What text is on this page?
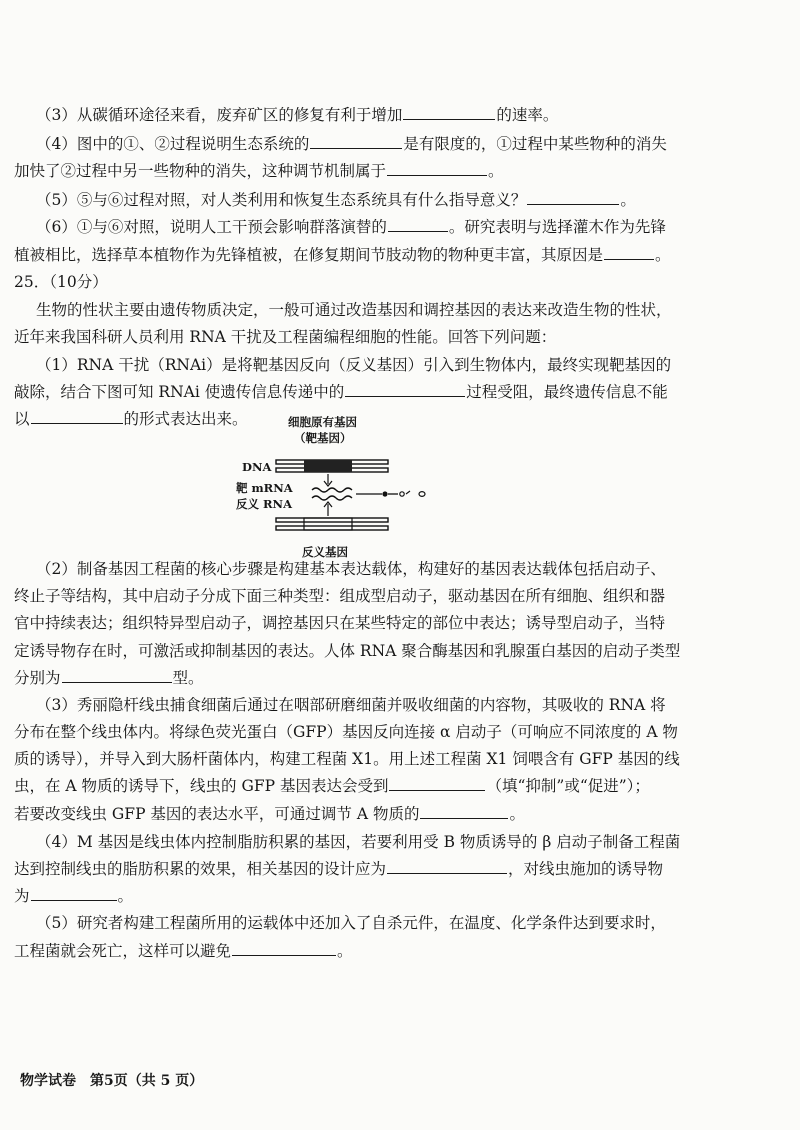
（3）从碳循环途径来看，废弃矿区的修复有利于增加	的速率。
（4）图中的①、②过程说明生态系统的	是有限度的，①过程中某些物种的消失
加快了②过程中另一些物种的消失，这种调节机制属于	。
（5）⑤与⑥过程对照，对人类利用和恢复生态系统具有什么指导意义？	。
（6）①与⑥对照，说明人工干预会影响群落演替的	。研究表明与选择灌木作为先锋
植被相比，选择草本植物作为先锋植被，在修复期间节肢动物的物种更丰富，其原因是	。
25．（10分）
生物的性状主要由遗传物质决定，一般可通过改造基因和调控基因的表达来改造生物的性状，
近年来我国科研人员利用 RNA 干扰及工程菌编程细胞的性能。回答下列问题：
（1）RNA 干扰（RNAi）是将靶基因反向（反义基因）引入到生物体内，最终实现靶基因的
敲除，结合下图可知 RNAi 使遗传信息传递中的	过程受阻，最终遗传信息不能
以	的形式表达出来。	细胞原有基因
（靶基因）
DNA
靶 mRNA
反义 RNA
反义基因
（2）制备基因工程菌的核心步骤是构建基本表达载体，构建好的基因表达载体包括启动子、
终止子等结构，其中启动子分成下面三种类型：组成型启动子，驱动基因在所有细胞、组织和器
官中持续表达；组织特异型启动子，调控基因只在某些特定的部位中表达；诱导型启动子，当特
定诱导物存在时，可激活或抑制基因的表达。人体 RNA 聚合酶基因和乳腺蛋白基因的启动子类型
分别为	型。
（3）秀丽隐杆线虫捕食细菌后通过在咽部研磨细菌并吸收细菌的内容物，其吸收的 RNA 将
分布在整个线虫体内。将绿色荧光蛋白（GFP）基因反向连接 α 启动子（可响应不同浓度的 A 物
质的诱导），并导入到大肠杆菌体内，构建工程菌 X1。用上述工程菌 X1 饲喂含有 GFP 基因的线
虫，在 A 物质的诱导下，线虫的 GFP 基因表达会受到	（填“抑制”或“促进”）；
若要改变线虫 GFP 基因的表达水平，可通过调节 A 物质的	。
（4）M 基因是线虫体内控制脂肪积累的基因，若要利用受 B 物质诱导的 β 启动子制备工程菌
达到控制线虫的脂肪积累的效果，相关基因的设计应为	，对线虫施加的诱导物
为	。
（5）研究者构建工程菌所用的运载体中还加入了自杀元件，在温度、化学条件达到要求时，
工程菌就会死亡，这样可以避免	。
物学试卷　第5页（共 5 页）
